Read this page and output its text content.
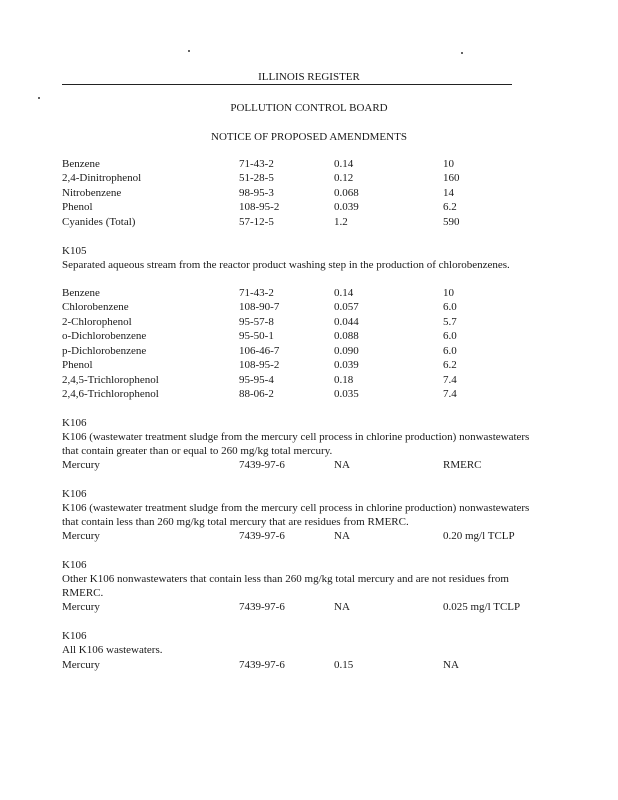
ILLINOIS REGISTER
POLLUTION CONTROL BOARD
NOTICE OF PROPOSED AMENDMENTS
Benzene	71-43-2	0.14	10
2,4-Dinitrophenol	51-28-5	0.12	160
Nitrobenzene	98-95-3	0.068	14
Phenol	108-95-2	0.039	6.2
Cyanides (Total)	57-12-5	1.2	590
K105
Separated aqueous stream from the reactor product washing step in the production of chlorobenzenes.
Benzene	71-43-2	0.14	10
Chlorobenzene	108-90-7	0.057	6.0
2-Chlorophenol	95-57-8	0.044	5.7
o-Dichlorobenzene	95-50-1	0.088	6.0
p-Dichlorobenzene	106-46-7	0.090	6.0
Phenol	108-95-2	0.039	6.2
2,4,5-Trichlorophenol	95-95-4	0.18	7.4
2,4,6-Trichlorophenol	88-06-2	0.035	7.4
K106
K106 (wastewater treatment sludge from the mercury cell process in chlorine production) nonwastewaters that contain greater than or equal to 260 mg/kg total mercury.
Mercury	7439-97-6	NA	RMERC
K106
K106 (wastewater treatment sludge from the mercury cell process in chlorine production) nonwastewaters that contain less than 260 mg/kg total mercury that are residues from RMERC.
Mercury	7439-97-6	NA	0.20 mg/l TCLP
K106
Other K106 nonwastewaters that contain less than 260 mg/kg total mercury and are not residues from RMERC.
Mercury	7439-97-6	NA	0.025 mg/l TCLP
K106
All K106 wastewaters.
Mercury	7439-97-6	0.15	NA
